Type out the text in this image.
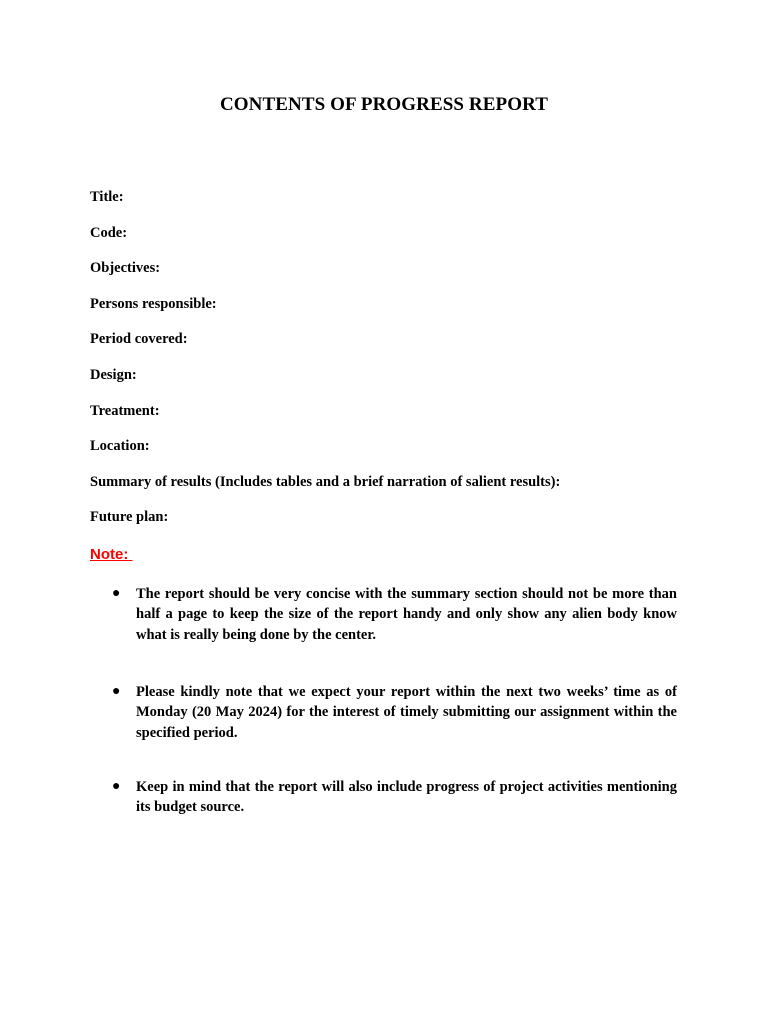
CONTENTS OF PROGRESS REPORT
Title:
Code:
Objectives:
Persons responsible:
Period covered:
Design:
Treatment:
Location:
Summary of results (Includes tables and a brief narration of salient results):
Future plan:
Note:
● The report should be very concise with the summary section should not be more than half a page to keep the size of the report handy and only show any alien body know what is really being done by the center.

● Please kindly note that we expect your report within the next two weeks’ time as of Monday (20 May 2024) for the interest of timely submitting our assignment within the specified period.

● Keep in mind that the report will also include progress of project activities mentioning its budget source.
